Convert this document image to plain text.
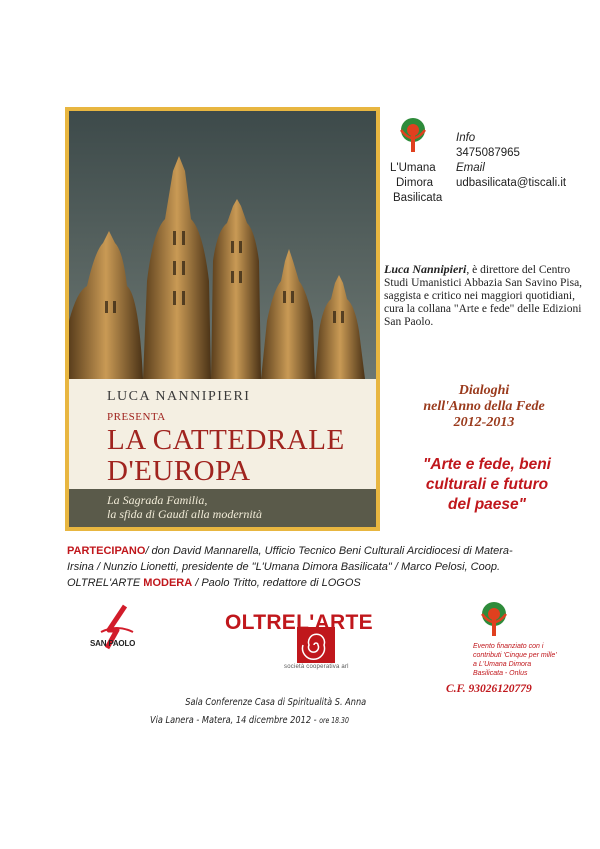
LUCA NANNIPIERI
PRESENTA
LA CATTEDRALE
D'EUROPA
La Sagrada Familia,
la sfida di Gaudí alla modernità
L'Umana
Dimora
Basilicata
Info
3475087965
Email
udbasilicata@tiscali.it
Luca Nannipieri, è direttore del Centro Studi Umanistici Abbazia San Savino Pisa, saggista e critico nei maggiori quotidiani, cura la collana "Arte e fede" delle Edizioni San Paolo.
Dialoghi
nell'Anno della Fede
2012-2013
"Arte e fede, beni
culturali e futuro
del paese"
PARTECIPANO/ don David Mannarella, Ufficio Tecnico Beni Culturali Arcidiocesi di Matera-Irsina / Nunzio Lionetti, presidente de "L'Umana Dimora Basilicata" / Marco Pelosi, Coop. OLTREL'ARTE MODERA / Paolo Tritto, redattore di LOGOS
SAN PAOLO
OLTREL'ARTE
società cooperativa arl
Evento finanziato con i
contributi 'Cinque per mille'
a L'Umana Dimora
Basilicata - Onlus
C.F. 93026120779
Sala Conferenze Casa di Spiritualità S. Anna
Via Lanera - Matera, 14 dicembre 2012 - ore 18.30
